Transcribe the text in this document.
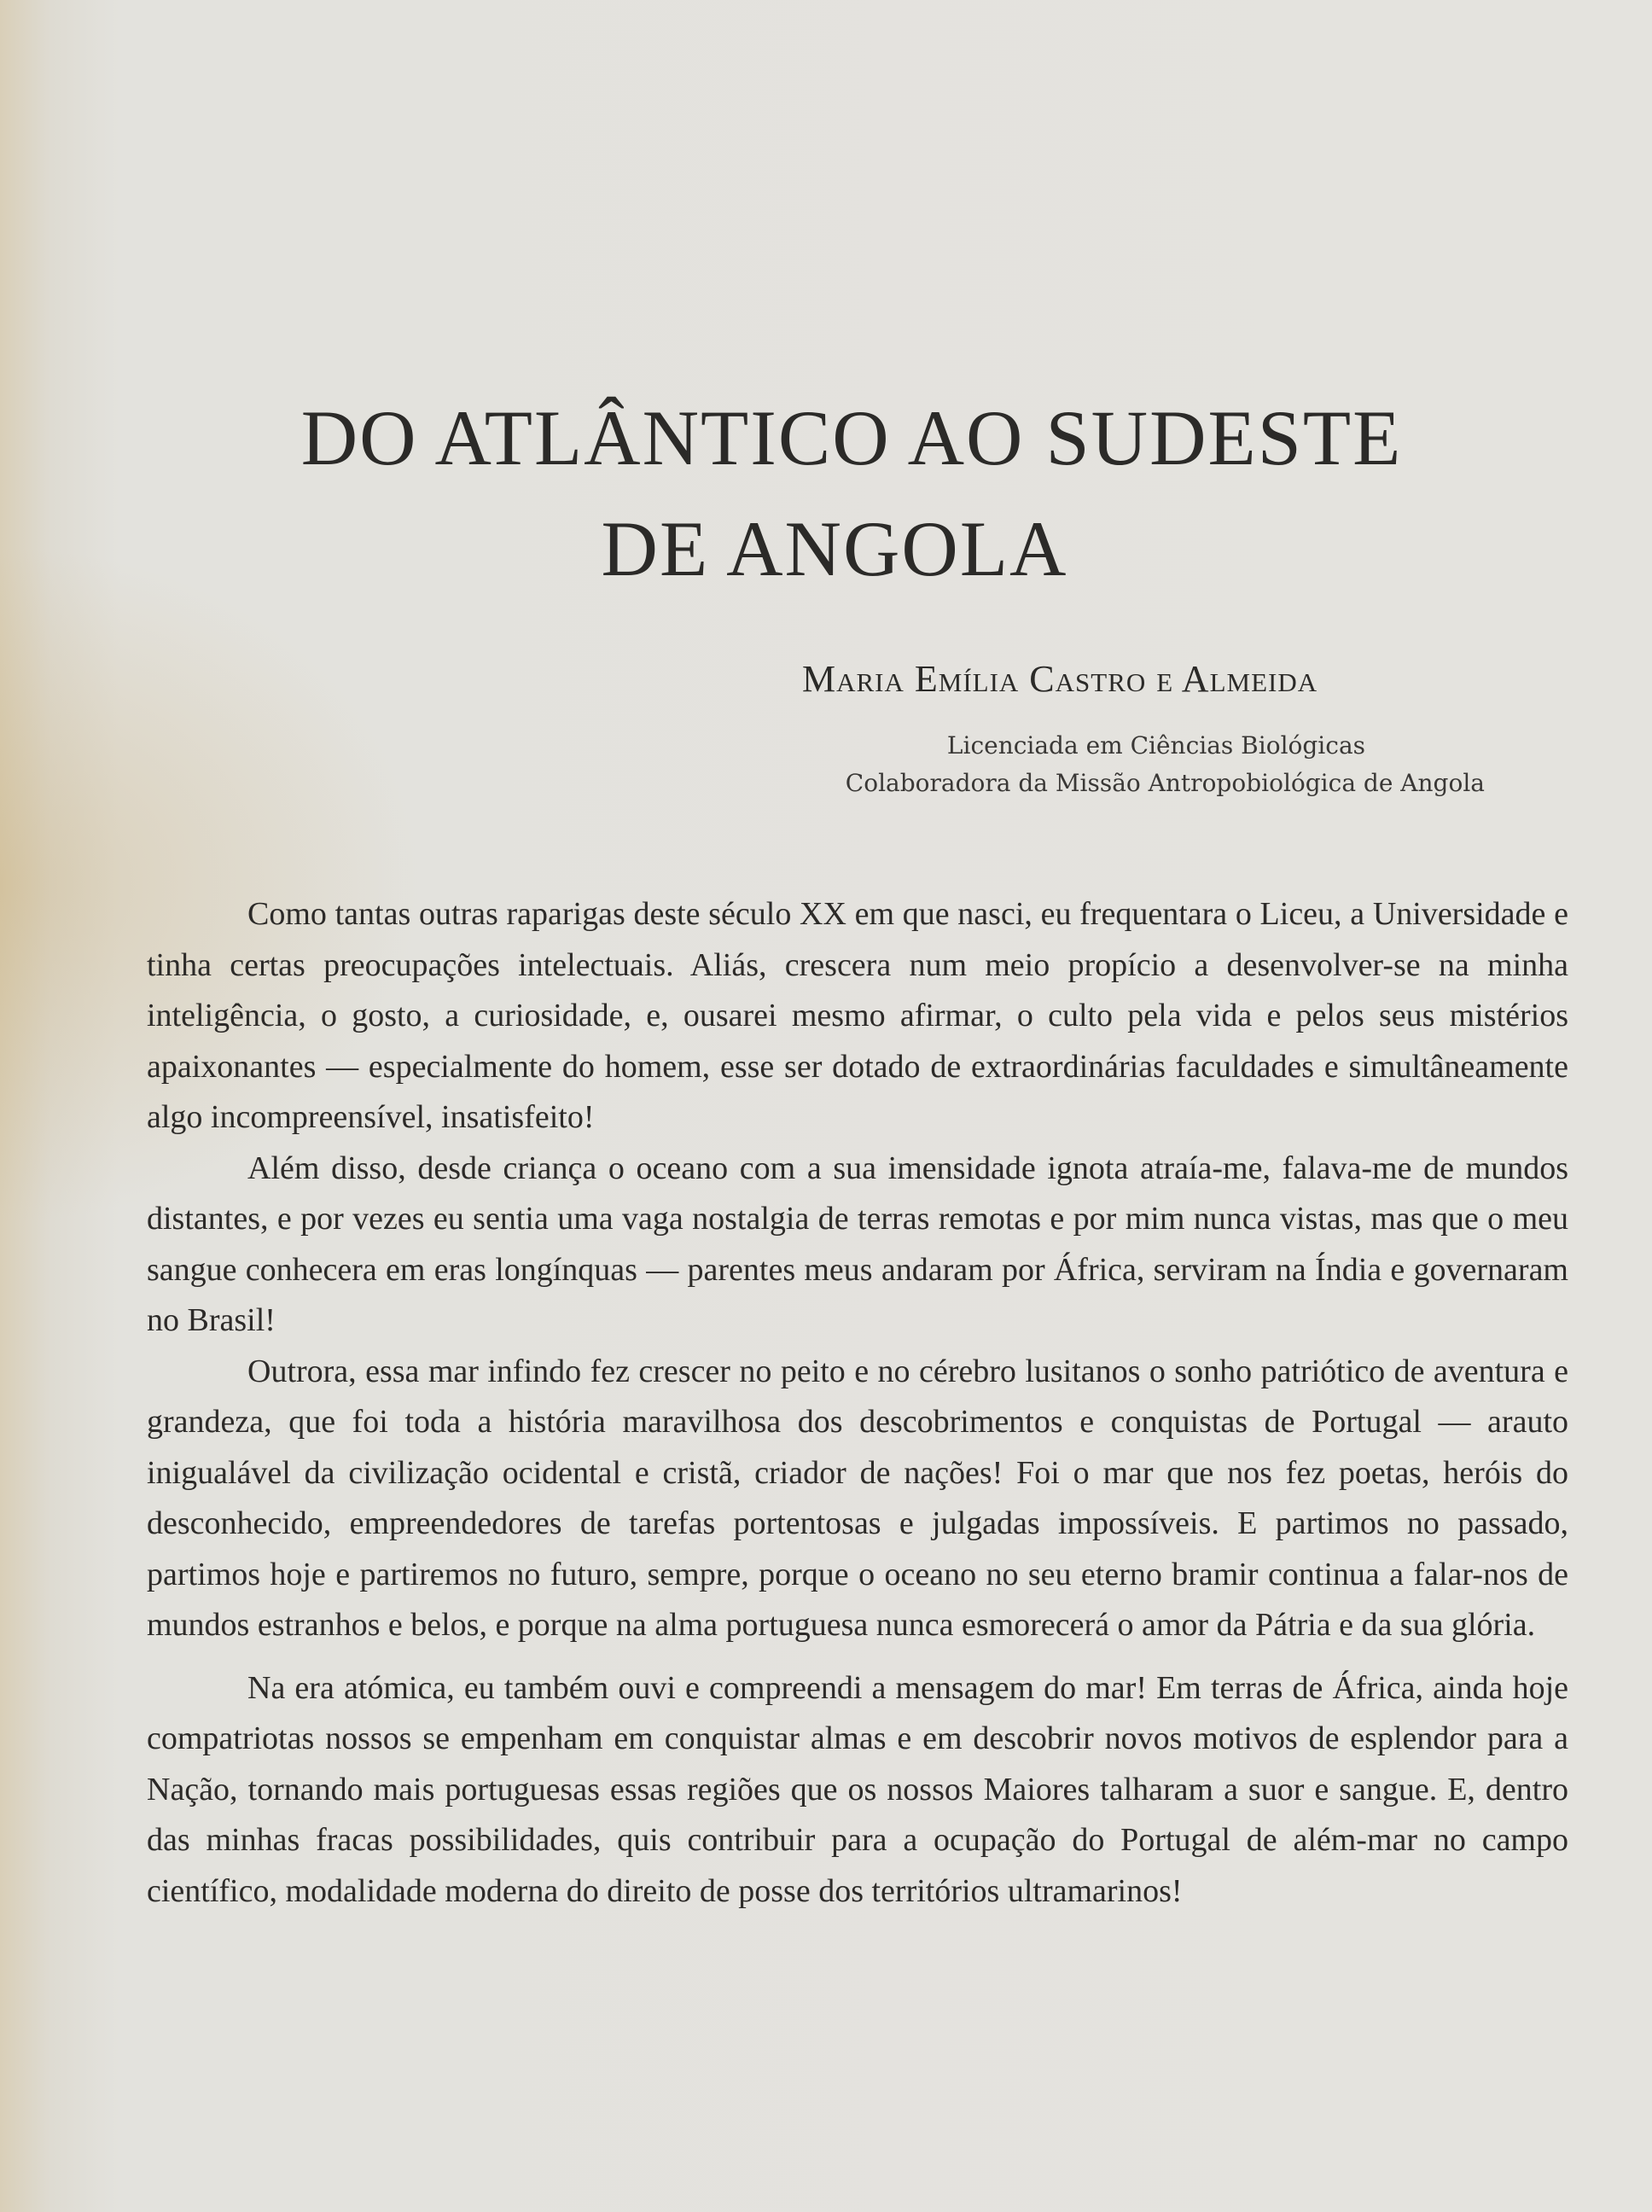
DO ATLÂNTICO AO SUDESTE
DE ANGOLA
Maria Emília Castro e Almeida
Licenciada em Ciências Biológicas
Colaboradora da Missão Antropobiológica de Angola

Como tantas outras raparigas deste século XX em que nasci, eu frequentara o Liceu, a Universidade e tinha certas preocupações intelectuais. Aliás, crescera num meio propício a desenvolver-se na minha inteligência, o gosto, a curiosidade, e, ousarei mesmo afirmar, o culto pela vida e pelos seus mistérios apaixonantes — especialmente do homem, esse ser dotado de extraordinárias faculdades e simultâneamente algo incompreensível, insatisfeito!

Além disso, desde criança o oceano com a sua imensidade ignota atraía-me, falava-me de mundos distantes, e por vezes eu sentia uma vaga nostalgia de terras remotas e por mim nunca vistas, mas que o meu sangue conhecera em eras longínquas — parentes meus andaram por África, serviram na Índia e governaram no Brasil!

Outrora, essa mar infindo fez crescer no peito e no cérebro lusitanos o sonho patriótico de aventura e grandeza, que foi toda a história maravilhosa dos descobrimentos e conquistas de Portugal — arauto inigualável da civilização ocidental e cristã, criador de nações! Foi o mar que nos fez poetas, heróis do desconhecido, empreendedores de tarefas portentosas e julgadas impossíveis. E partimos no passado, partimos hoje e partiremos no futuro, sempre, porque o oceano no seu eterno bramir continua a falar-nos de mundos estranhos e belos, e porque na alma portuguesa nunca esmorecerá o amor da Pátria e da sua glória.

Na era atómica, eu também ouvi e compreendi a mensagem do mar! Em terras de África, ainda hoje compatriotas nossos se empenham em conquistar almas e em descobrir novos motivos de esplendor para a Nação, tornando mais portuguesas essas regiões que os nossos Maiores talharam a suor e sangue. E, dentro das minhas fracas possibilidades, quis contribuir para a ocupação do Portugal de além-mar no campo científico, modalidade moderna do direito de posse dos territórios ultramarinos!
